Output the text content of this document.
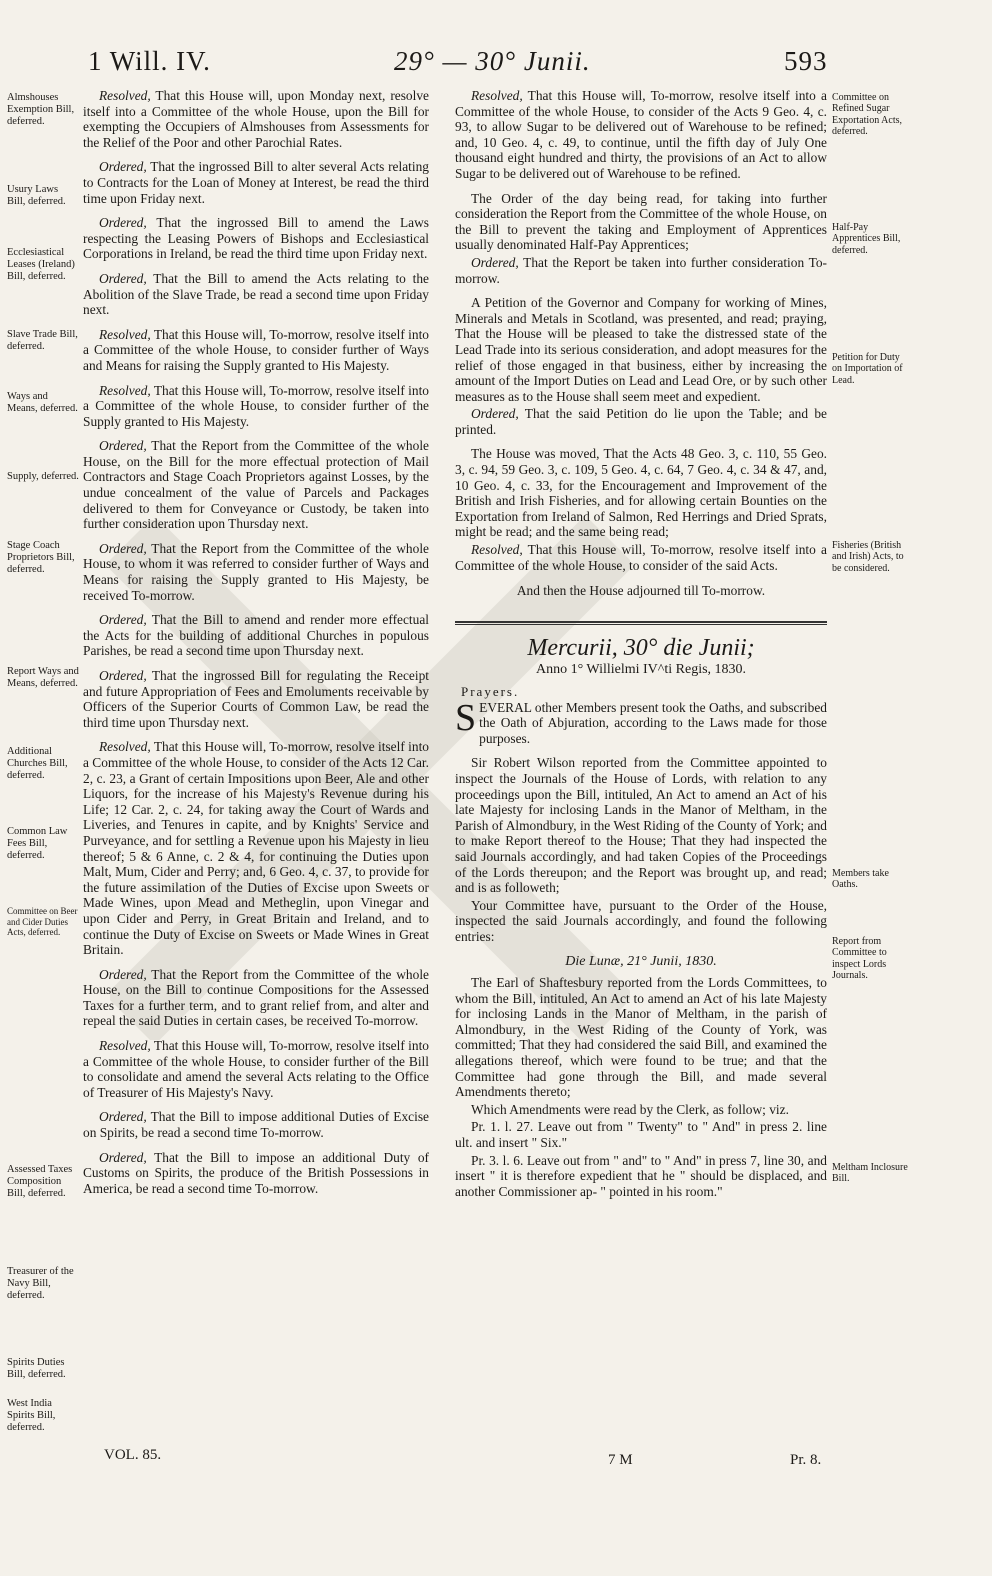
1 Will. IV.	29° — 30° Junii.	593
Almshouses Exemption Bill, deferred.
Usury Laws Bill, deferred.
Ecclesiastical Leases (Ireland) Bill, deferred.
Slave Trade Bill, deferred.
Ways and Means, deferred.
Supply, deferred.
Stage Coach Proprietors Bill, deferred.
Report Ways and Means, deferred.
Additional Churches Bill, deferred.
Common Law Fees Bill, deferred.
Committee on Beer and Cider Duties Acts, deferred.
Assessed Taxes Composition Bill, deferred.
Treasurer of the Navy Bill, deferred.
Spirits Duties Bill, deferred.
West India Spirits Bill, deferred.

Resolved, That this House will, upon Monday next, resolve itself into a Committee of the whole House, upon the Bill for exempting the Occupiers of Almshouses from Assessments for the Relief of the Poor and other Parochial Rates.

Ordered, That the ingrossed Bill to alter several Acts relating to Contracts for the Loan of Money at Interest, be read the third time upon Friday next.

Ordered, That the ingrossed Bill to amend the Laws respecting the Leasing Powers of Bishops and Ecclesiastical Corporations in Ireland, be read the third time upon Friday next.

Ordered, That the Bill to amend the Acts relating to the Abolition of the Slave Trade, be read a second time upon Friday next.

Resolved, That this House will, To-morrow, resolve itself into a Committee of the whole House, to consider further of Ways and Means for raising the Supply granted to His Majesty.

Resolved, That this House will, To-morrow, resolve itself into a Committee of the whole House, to consider further of the Supply granted to His Majesty.

Ordered, That the Report from the Committee of the whole House, on the Bill for the more effectual protection of Mail Contractors and Stage Coach Proprietors against Losses, by the undue concealment of the value of Parcels and Packages delivered to them for Conveyance or Custody, be taken into further consideration upon Thursday next.

Ordered, That the Report from the Committee of the whole House, to whom it was referred to consider further of Ways and Means for raising the Supply granted to His Majesty, be received To-morrow.

Ordered, That the Bill to amend and render more effectual the Acts for the building of additional Churches in populous Parishes, be read a second time upon Thursday next.

Ordered, That the ingrossed Bill for regulating the Receipt and future Appropriation of Fees and Emoluments receivable by Officers of the Superior Courts of Common Law, be read the third time upon Thursday next.

Resolved, That this House will, To-morrow, resolve itself into a Committee of the whole House, to consider of the Acts 12 Car. 2, c. 23, a Grant of certain Impositions upon Beer, Ale and other Liquors, for the increase of his Majesty's Revenue during his Life; 12 Car. 2, c. 24, for taking away the Court of Wards and Liveries, and Tenures in capite, and by Knights' Service and Purveyance, and for settling a Revenue upon his Majesty in lieu thereof; 5 & 6 Anne, c. 2 & 4, for continuing the Duties upon Malt, Mum, Cider and Perry; and, 6 Geo. 4, c. 37, to provide for the future assimilation of the Duties of Excise upon Sweets or Made Wines, upon Mead and Metheglin, upon Vinegar and upon Cider and Perry, in Great Britain and Ireland, and to continue the Duty of Excise on Sweets or Made Wines in Great Britain.

Ordered, That the Report from the Committee of the whole House, on the Bill to continue Compositions for the Assessed Taxes for a further term, and to grant relief from, and alter and repeal the said Duties in certain cases, be received To-morrow.

Resolved, That this House will, To-morrow, resolve itself into a Committee of the whole House, to consider further of the Bill to consolidate and amend the several Acts relating to the Office of Treasurer of His Majesty's Navy.

Ordered, That the Bill to impose additional Duties of Excise on Spirits, be read a second time To-morrow.

Ordered, That the Bill to impose an additional Duty of Customs on Spirits, the produce of the British Possessions in America, be read a second time To-morrow.

Committee on Refined Sugar Exportation Acts, deferred.
Half-Pay Apprentices Bill, deferred.
Petition for Duty on Importation of Lead.
Fisheries (British and Irish) Acts, to be considered.
Members take Oaths.
Report from Committee to inspect Lords Journals.
Meltham Inclosure Bill.

Resolved, That this House will, To-morrow, resolve itself into a Committee of the whole House, to consider of the Acts 9 Geo. 4, c. 93, to allow Sugar to be delivered out of Warehouse to be refined; and, 10 Geo. 4, c. 49, to continue, until the fifth day of July One thousand eight hundred and thirty, the provisions of an Act to allow Sugar to be delivered out of Warehouse to be refined.

The Order of the day being read, for taking into further consideration the Report from the Committee of the whole House, on the Bill to prevent the taking and Employment of Apprentices usually denominated Half-Pay Apprentices;

Ordered, That the Report be taken into further consideration To-morrow.

A Petition of the Governor and Company for working of Mines, Minerals and Metals in Scotland, was presented, and read; praying, That the House will be pleased to take the distressed state of the Lead Trade into its serious consideration, and adopt measures for the relief of those engaged in that business, either by increasing the amount of the Import Duties on Lead and Lead Ore, or by such other measures as to the House shall seem meet and expedient.

Ordered, That the said Petition do lie upon the Table; and be printed.

The House was moved, That the Acts 48 Geo. 3, c. 110, 55 Geo. 3, c. 94, 59 Geo. 3, c. 109, 5 Geo. 4, c. 64, 7 Geo. 4, c. 34 & 47, and, 10 Geo. 4, c. 33, for the Encouragement and Improvement of the British and Irish Fisheries, and for allowing certain Bounties on the Exportation from Ireland of Salmon, Red Herrings and Dried Sprats, might be read; and the same being read;

Resolved, That this House will, To-morrow, resolve itself into a Committee of the whole House, to consider of the said Acts.

And then the House adjourned till To-morrow.

Mercurii, 30° die Junii;
Anno 1° Willielmi IV^ti Regis, 1830.
Prayers.

SEVERAL other Members present took the Oaths, and subscribed the Oath of Abjuration, according to the Laws made for those purposes.

Sir Robert Wilson reported from the Committee appointed to inspect the Journals of the House of Lords, with relation to any proceedings upon the Bill, intituled, An Act to amend an Act of his late Majesty for inclosing Lands in the Manor of Meltham, in the Parish of Almondbury, in the West Riding of the County of York; and to make Report thereof to the House; That they had inspected the said Journals accordingly, and had taken Copies of the Proceedings of the Lords thereupon; and the Report was brought up, and read; and is as followeth;

Your Committee have, pursuant to the Order of the House, inspected the said Journals accordingly, and found the following entries:

Die Lunæ, 21° Junii, 1830.

The Earl of Shaftesbury reported from the Lords Committees, to whom the Bill, intituled, An Act to amend an Act of his late Majesty for inclosing Lands in the Manor of Meltham, in the parish of Almondbury, in the West Riding of the County of York, was committed; That they had considered the said Bill, and examined the allegations thereof, which were found to be true; and that the Committee had gone through the Bill, and made several Amendments thereto;

Which Amendments were read by the Clerk, as follow; viz.

Pr. 1. l. 27. Leave out from " Twenty" to " And" in press 2. line ult. and insert " Six."

Pr. 3. l. 6. Leave out from " and" to " And" in press 7, line 30, and insert " it is therefore expedient that he " should be displaced, and another Commissioner ap- " pointed in his room."

VOL. 85.	7 M	Pr. 8.
